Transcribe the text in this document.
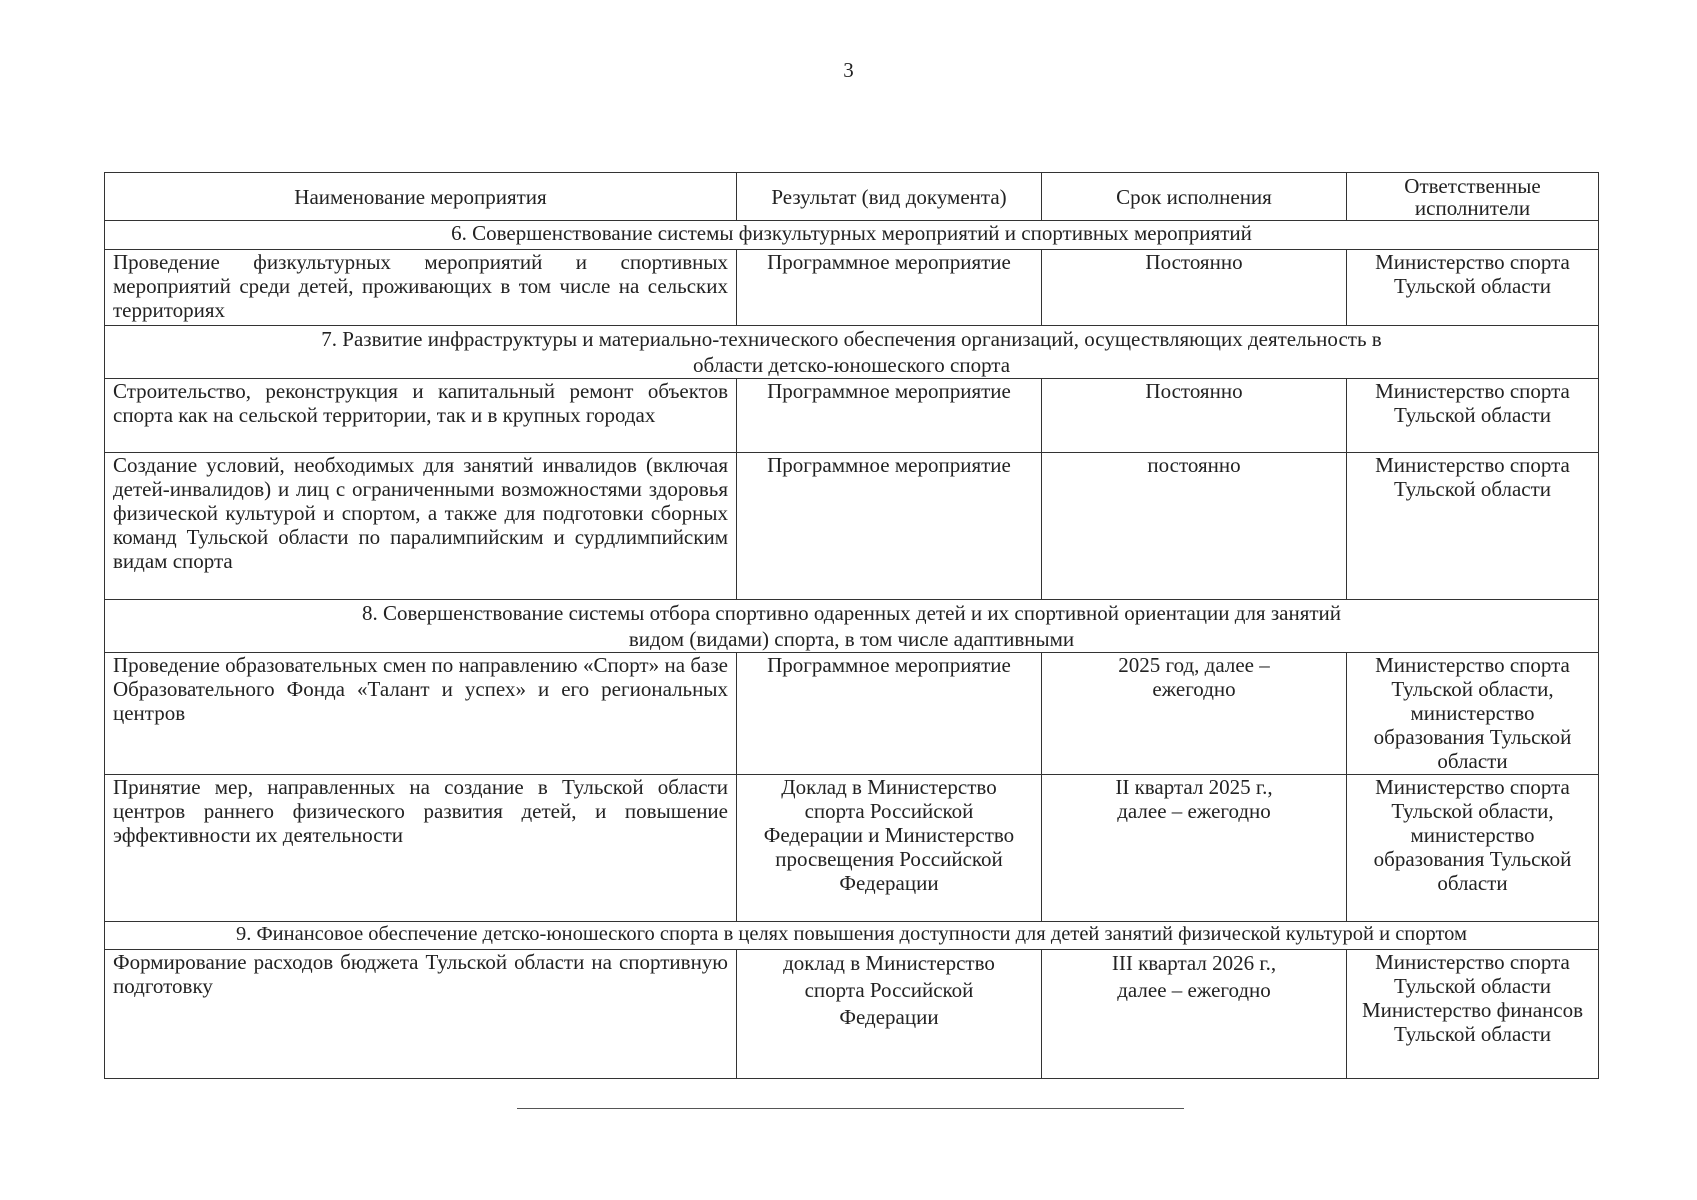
3
Наименование мероприятия	Результат (вид документа)	Срок исполнения	Ответственные исполнители
6. Совершенствование системы физкультурных мероприятий и спортивных мероприятий			
Проведение физкультурных мероприятий и спортивных мероприятий среди детей, проживающих в том числе на сельских территориях	Программное мероприятие	Постоянно	Министерство спорта Тульской области
7. Развитие инфраструктуры и материально-технического обеспечения организаций, осуществляющих деятельность в области детско-юношеского спорта			
Строительство, реконструкция и капитальный ремонт объектов спорта как на сельской территории, так и в крупных городах	Программное мероприятие	Постоянно	Министерство спорта Тульской области
Создание условий, необходимых для занятий инвалидов (включая детей-инвалидов) и лиц с ограниченными возможностями здоровья физической культурой и спортом, а также для подготовки сборных команд Тульской области по паралимпийским и сурдлимпийским видам спорта	Программное мероприятие	постоянно	Министерство спорта Тульской области
8. Совершенствование системы отбора спортивно одаренных детей и их спортивной ориентации для занятий видом (видами) спорта, в том числе адаптивными			
Проведение образовательных смен по направлению «Спорт» на базе Образовательного Фонда «Талант и успех» и его региональных центров	Программное мероприятие	2025 год, далее – ежегодно	Министерство спорта Тульской области, министерство образования Тульской области
Принятие мер, направленных на создание в Тульской области центров раннего физического развития детей, и повышение эффективности их деятельности	Доклад в Министерство спорта Российской Федерации и Министерство просвещения Российской Федерации	II квартал 2025 г., далее – ежегодно	Министерство спорта Тульской области, министерство образования Тульской области
9. Финансовое обеспечение детско-юношеского спорта в целях повышения доступности для детей занятий физической культурой и спортом			
Формирование расходов бюджета Тульской области на спортивную подготовку	доклад в Министерство спорта Российской Федерации	III квартал 2026 г., далее – ежегодно	Министерство спорта Тульской области Министерство финансов Тульской области
